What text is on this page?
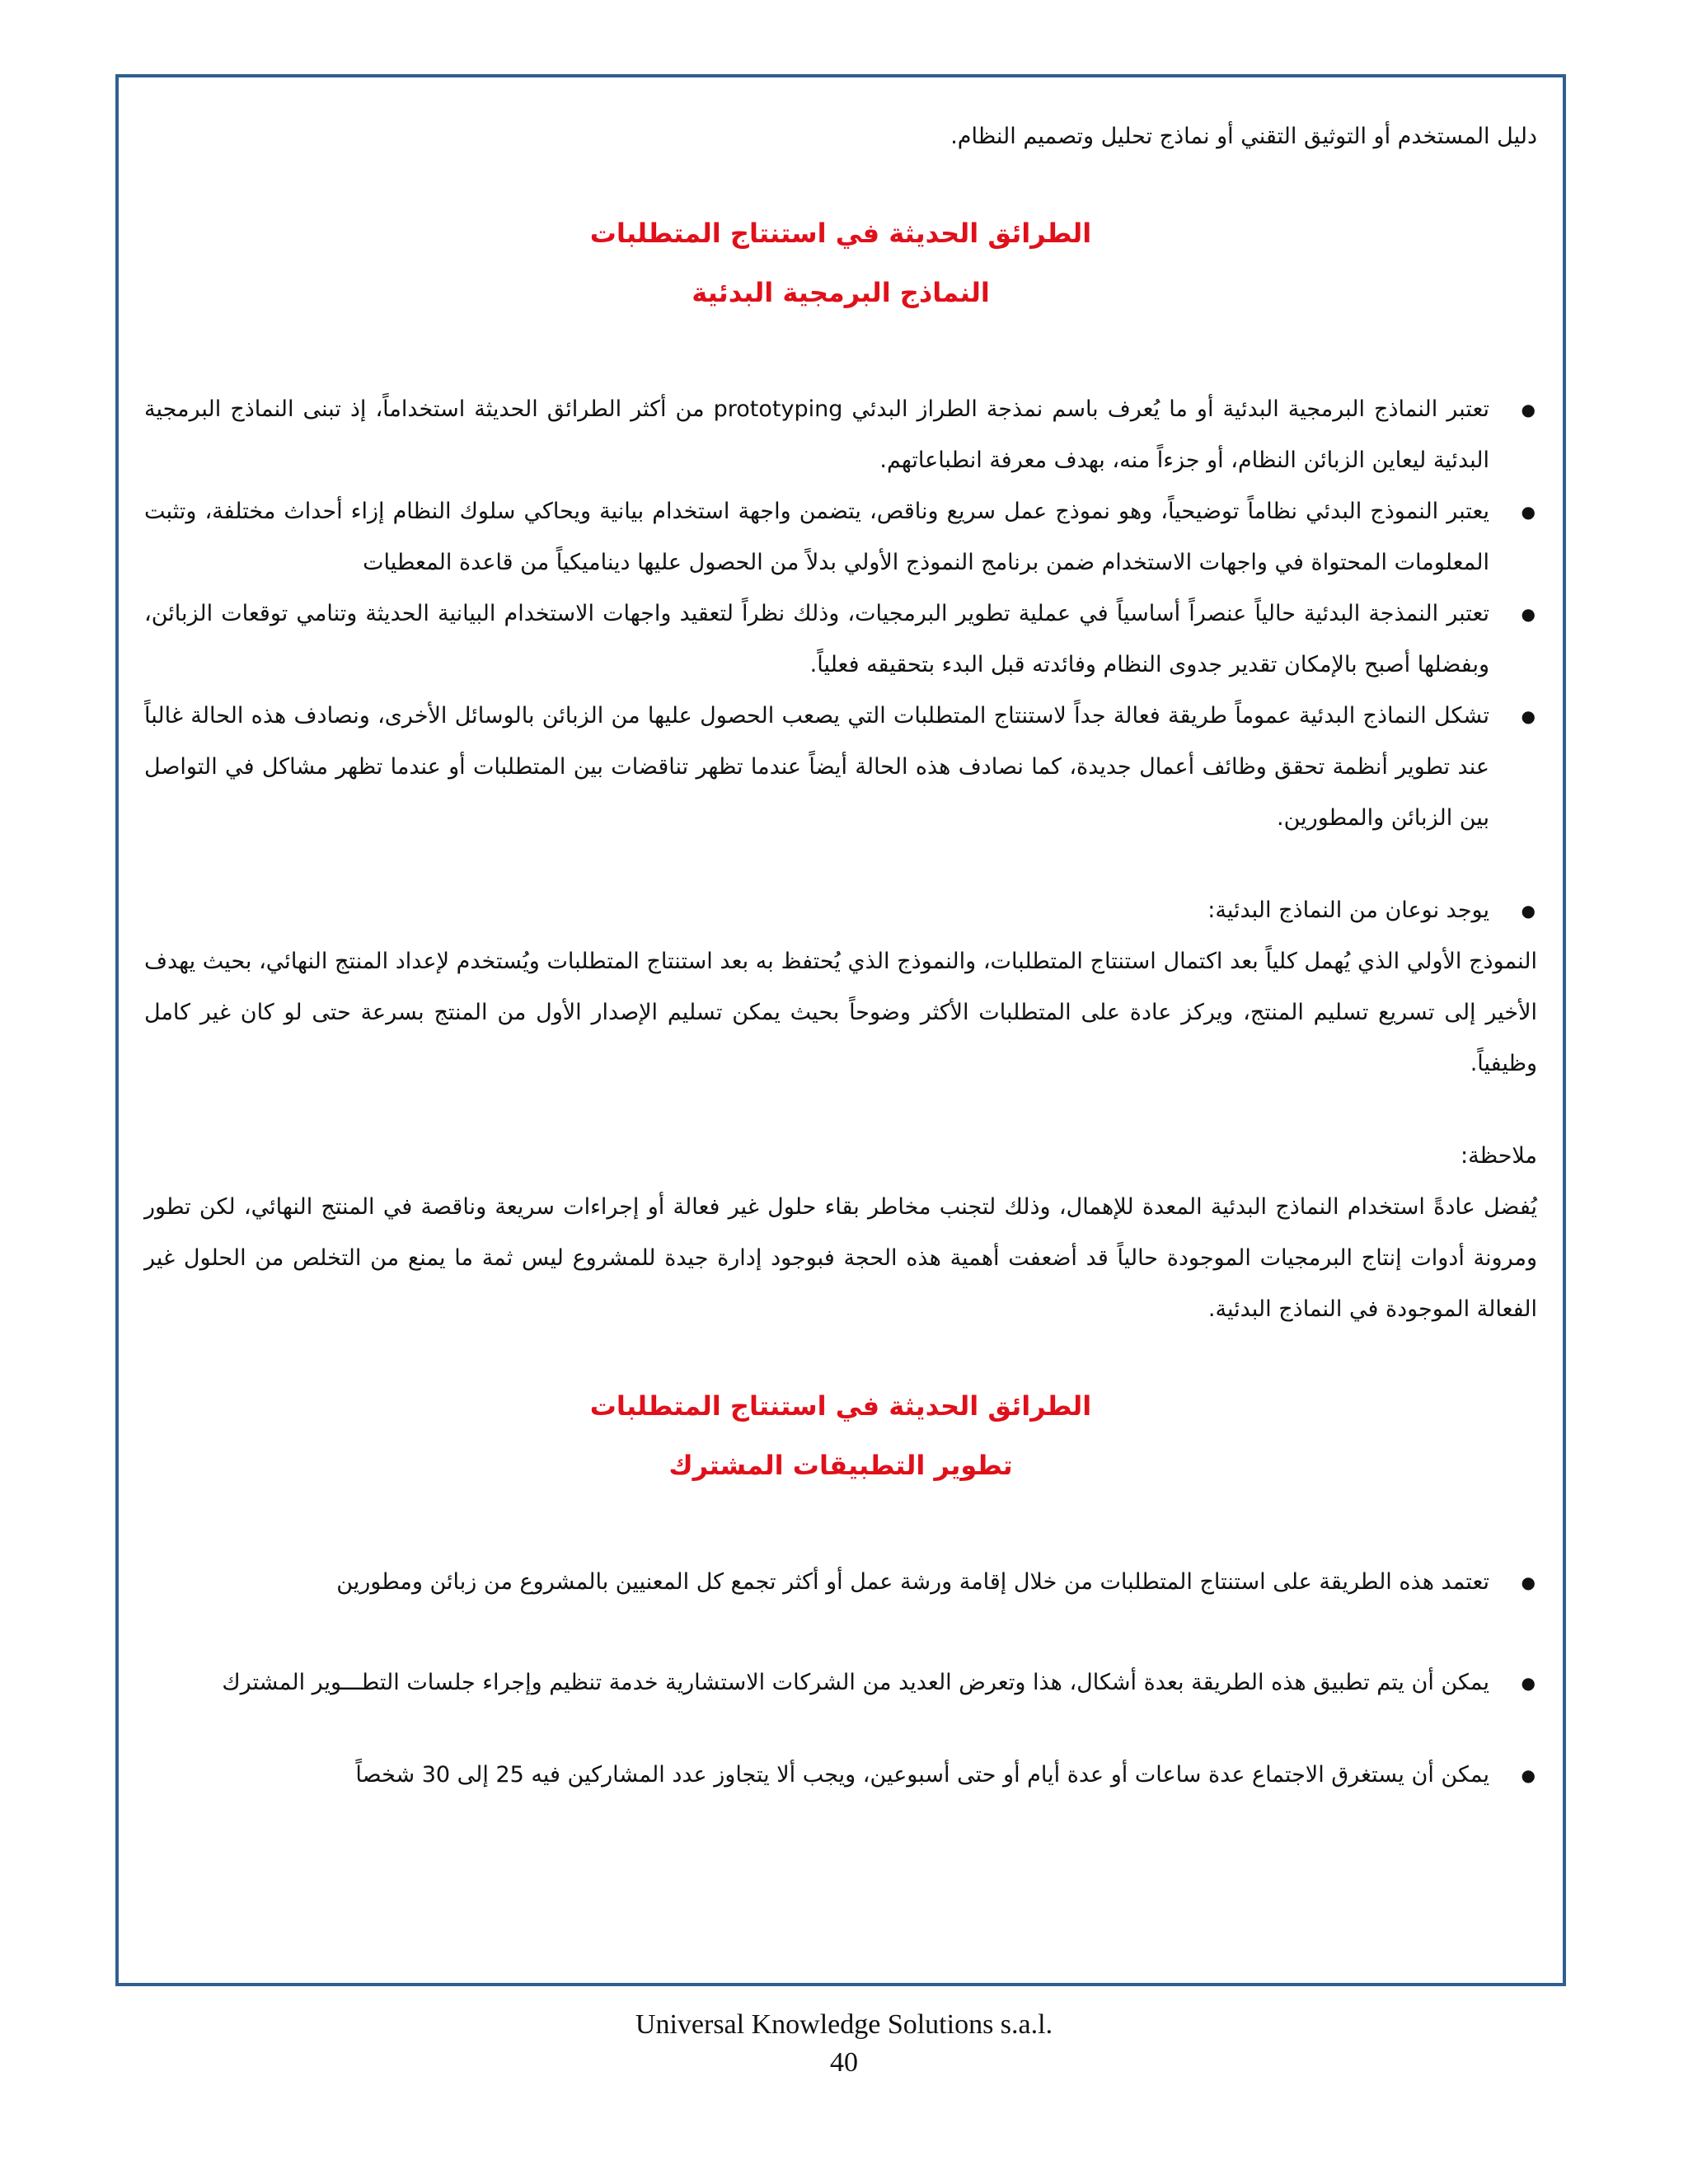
دليل المستخدم أو التوثيق التقني أو نماذج تحليل وتصميم النظام.

الطرائق الحديثة في استنتاج المتطلبات
النماذج البرمجية البدئية
● تعتبر النماذج البرمجية البدئية أو ما يُعرف باسم نمذجة الطراز البدئي prototyping من أكثر الطرائق الحديثة استخداماً، إذ تبنى النماذج البرمجية البدئية ليعاين الزبائن النظام، أو جزءاً منه، بهدف معرفة انطباعاتهم.
● يعتبر النموذج البدئي نظاماً توضيحياً، وهو نموذج عمل سريع وناقص، يتضمن واجهة استخدام بيانية ويحاكي سلوك النظام إزاء أحداث مختلفة، وتثبت المعلومات المحتواة في واجهات الاستخدام ضمن برنامج النموذج الأولي بدلاً من الحصول عليها ديناميكياً من قاعدة المعطيات
● تعتبر النمذجة البدئية حالياً عنصراً أساسياً في عملية تطوير البرمجيات، وذلك نظراً لتعقيد واجهات الاستخدام البيانية الحديثة وتنامي توقعات الزبائن، وبفضلها أصبح بالإمكان تقدير جدوى النظام وفائدته قبل البدء بتحقيقه فعلياً.
● تشكل النماذج البدئية عموماً طريقة فعالة جداً لاستنتاج المتطلبات التي يصعب الحصول عليها من الزبائن بالوسائل الأخرى، ونصادف هذه الحالة غالباً عند تطوير أنظمة تحقق وظائف أعمال جديدة، كما نصادف هذه الحالة أيضاً عندما تظهر تناقضات بين المتطلبات أو عندما تظهر مشاكل في التواصل بين الزبائن والمطورين.
● يوجد نوعان من النماذج البدئية:

النموذج الأولي الذي يُهمل كلياً بعد اكتمال استنتاج المتطلبات، والنموذج الذي يُحتفظ به بعد استنتاج المتطلبات ويُستخدم لإعداد المنتج النهائي، بحيث يهدف الأخير إلى تسريع تسليم المنتج، ويركز عادة على المتطلبات الأكثر وضوحاً بحيث يمكن تسليم الإصدار الأول من المنتج بسرعة حتى لو كان غير كامل وظيفياً.

ملاحظة:

يُفضل عادةً استخدام النماذج البدئية المعدة للإهمال، وذلك لتجنب مخاطر بقاء حلول غير فعالة أو إجراءات سريعة وناقصة في المنتج النهائي، لكن تطور ومرونة أدوات إنتاج البرمجيات الموجودة حالياً قد أضعفت أهمية هذه الحجة فبوجود إدارة جيدة للمشروع ليس ثمة ما يمنع من التخلص من الحلول غير الفعالة الموجودة في النماذج البدئية.

الطرائق الحديثة في استنتاج المتطلبات
تطوير التطبيقات المشترك
● تعتمد هذه الطريقة على استنتاج المتطلبات من خلال إقامة ورشة عمل أو أكثر تجمع كل المعنيين بالمشروع من زبائن ومطورين
● يمكن أن يتم تطبيق هذه الطريقة بعدة أشكال، هذا وتعرض العديد من الشركات الاستشارية خدمة تنظيم وإجراء جلسات التطـــوير المشترك
● يمكن أن يستغرق الاجتماع عدة ساعات أو عدة أيام أو حتى أسبوعين، ويجب ألا يتجاوز عدد المشاركين فيه 25 إلى 30 شخصاً
Universal Knowledge Solutions s.a.l.
40
